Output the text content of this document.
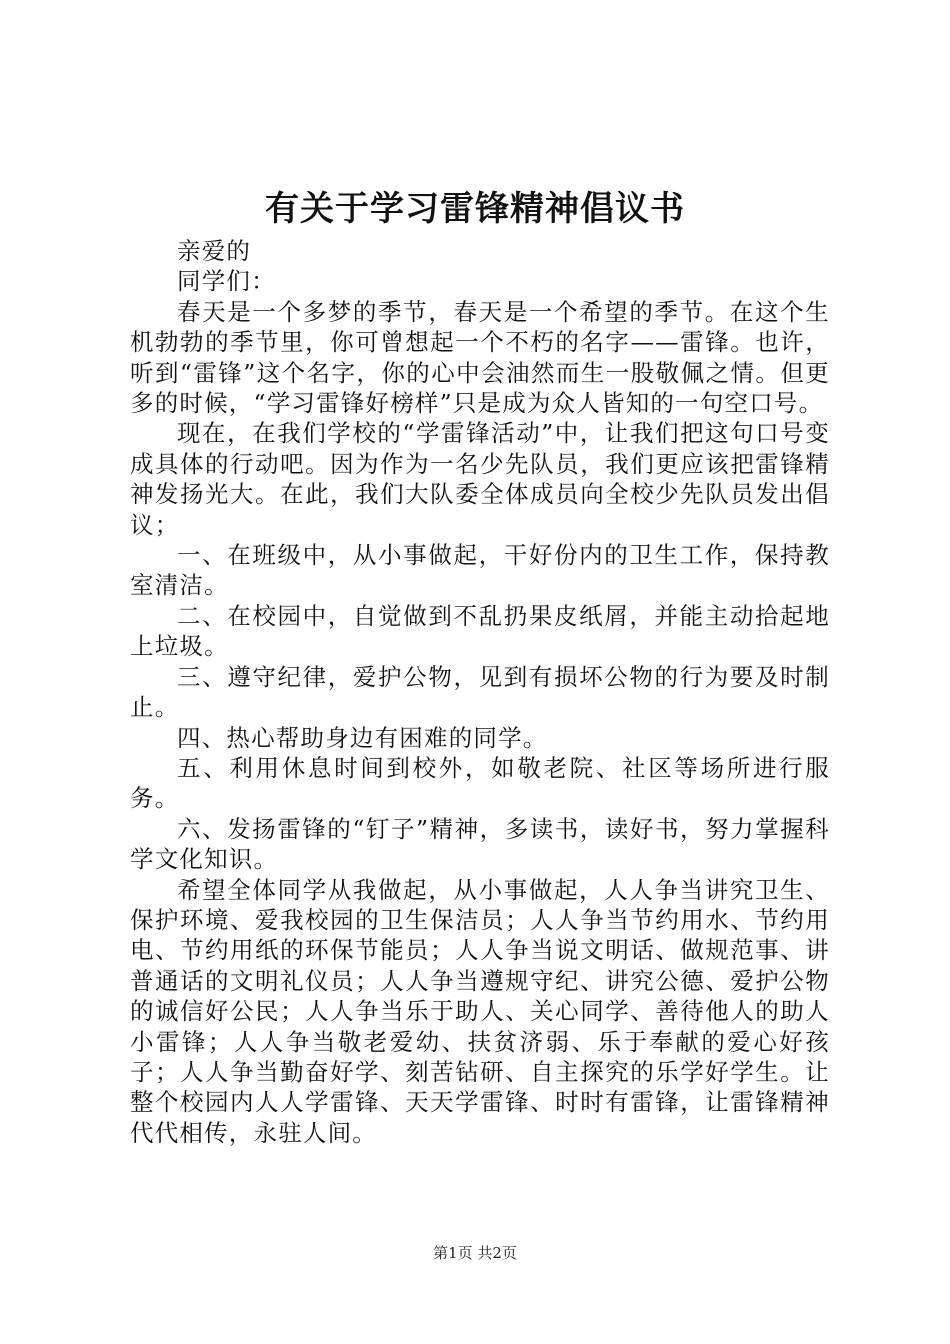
有关于学习雷锋精神倡议书

亲爱的

同学们：

春天是一个多梦的季节，春天是一个希望的季节。在这个生机勃勃的季节里，你可曾想起一个不朽的名字——雷锋。也许，听到“雷锋”这个名字，你的心中会油然而生一股敬佩之情。但更多的时候，“学习雷锋好榜样”只是成为众人皆知的一句空口号。

现在，在我们学校的“学雷锋活动”中，让我们把这句口号变成具体的行动吧。因为作为一名少先队员，我们更应该把雷锋精神发扬光大。在此，我们大队委全体成员向全校少先队员发出倡议；

一、在班级中，从小事做起，干好份内的卫生工作，保持教室清洁。

二、在校园中，自觉做到不乱扔果皮纸屑，并能主动拾起地上垃圾。

三、遵守纪律，爱护公物，见到有损坏公物的行为要及时制止。

四、热心帮助身边有困难的同学。

五、利用休息时间到校外，如敬老院、社区等场所进行服务。

六、发扬雷锋的“钉子”精神，多读书，读好书，努力掌握科学文化知识。

希望全体同学从我做起，从小事做起，人人争当讲究卫生、保护环境、爱我校园的卫生保洁员；人人争当节约用水、节约用电、节约用纸的环保节能员；人人争当说文明话、做规范事、讲普通话的文明礼仪员；人人争当遵规守纪、讲究公德、爱护公物的诚信好公民；人人争当乐于助人、关心同学、善待他人的助人小雷锋；人人争当敬老爱幼、扶贫济弱、乐于奉献的爱心好孩子；人人争当勤奋好学、刻苦钻研、自主探究的乐学好学生。让整个校园内人人学雷锋、天天学雷锋、时时有雷锋，让雷锋精神代代相传，永驻人间。

第1页 共2页
